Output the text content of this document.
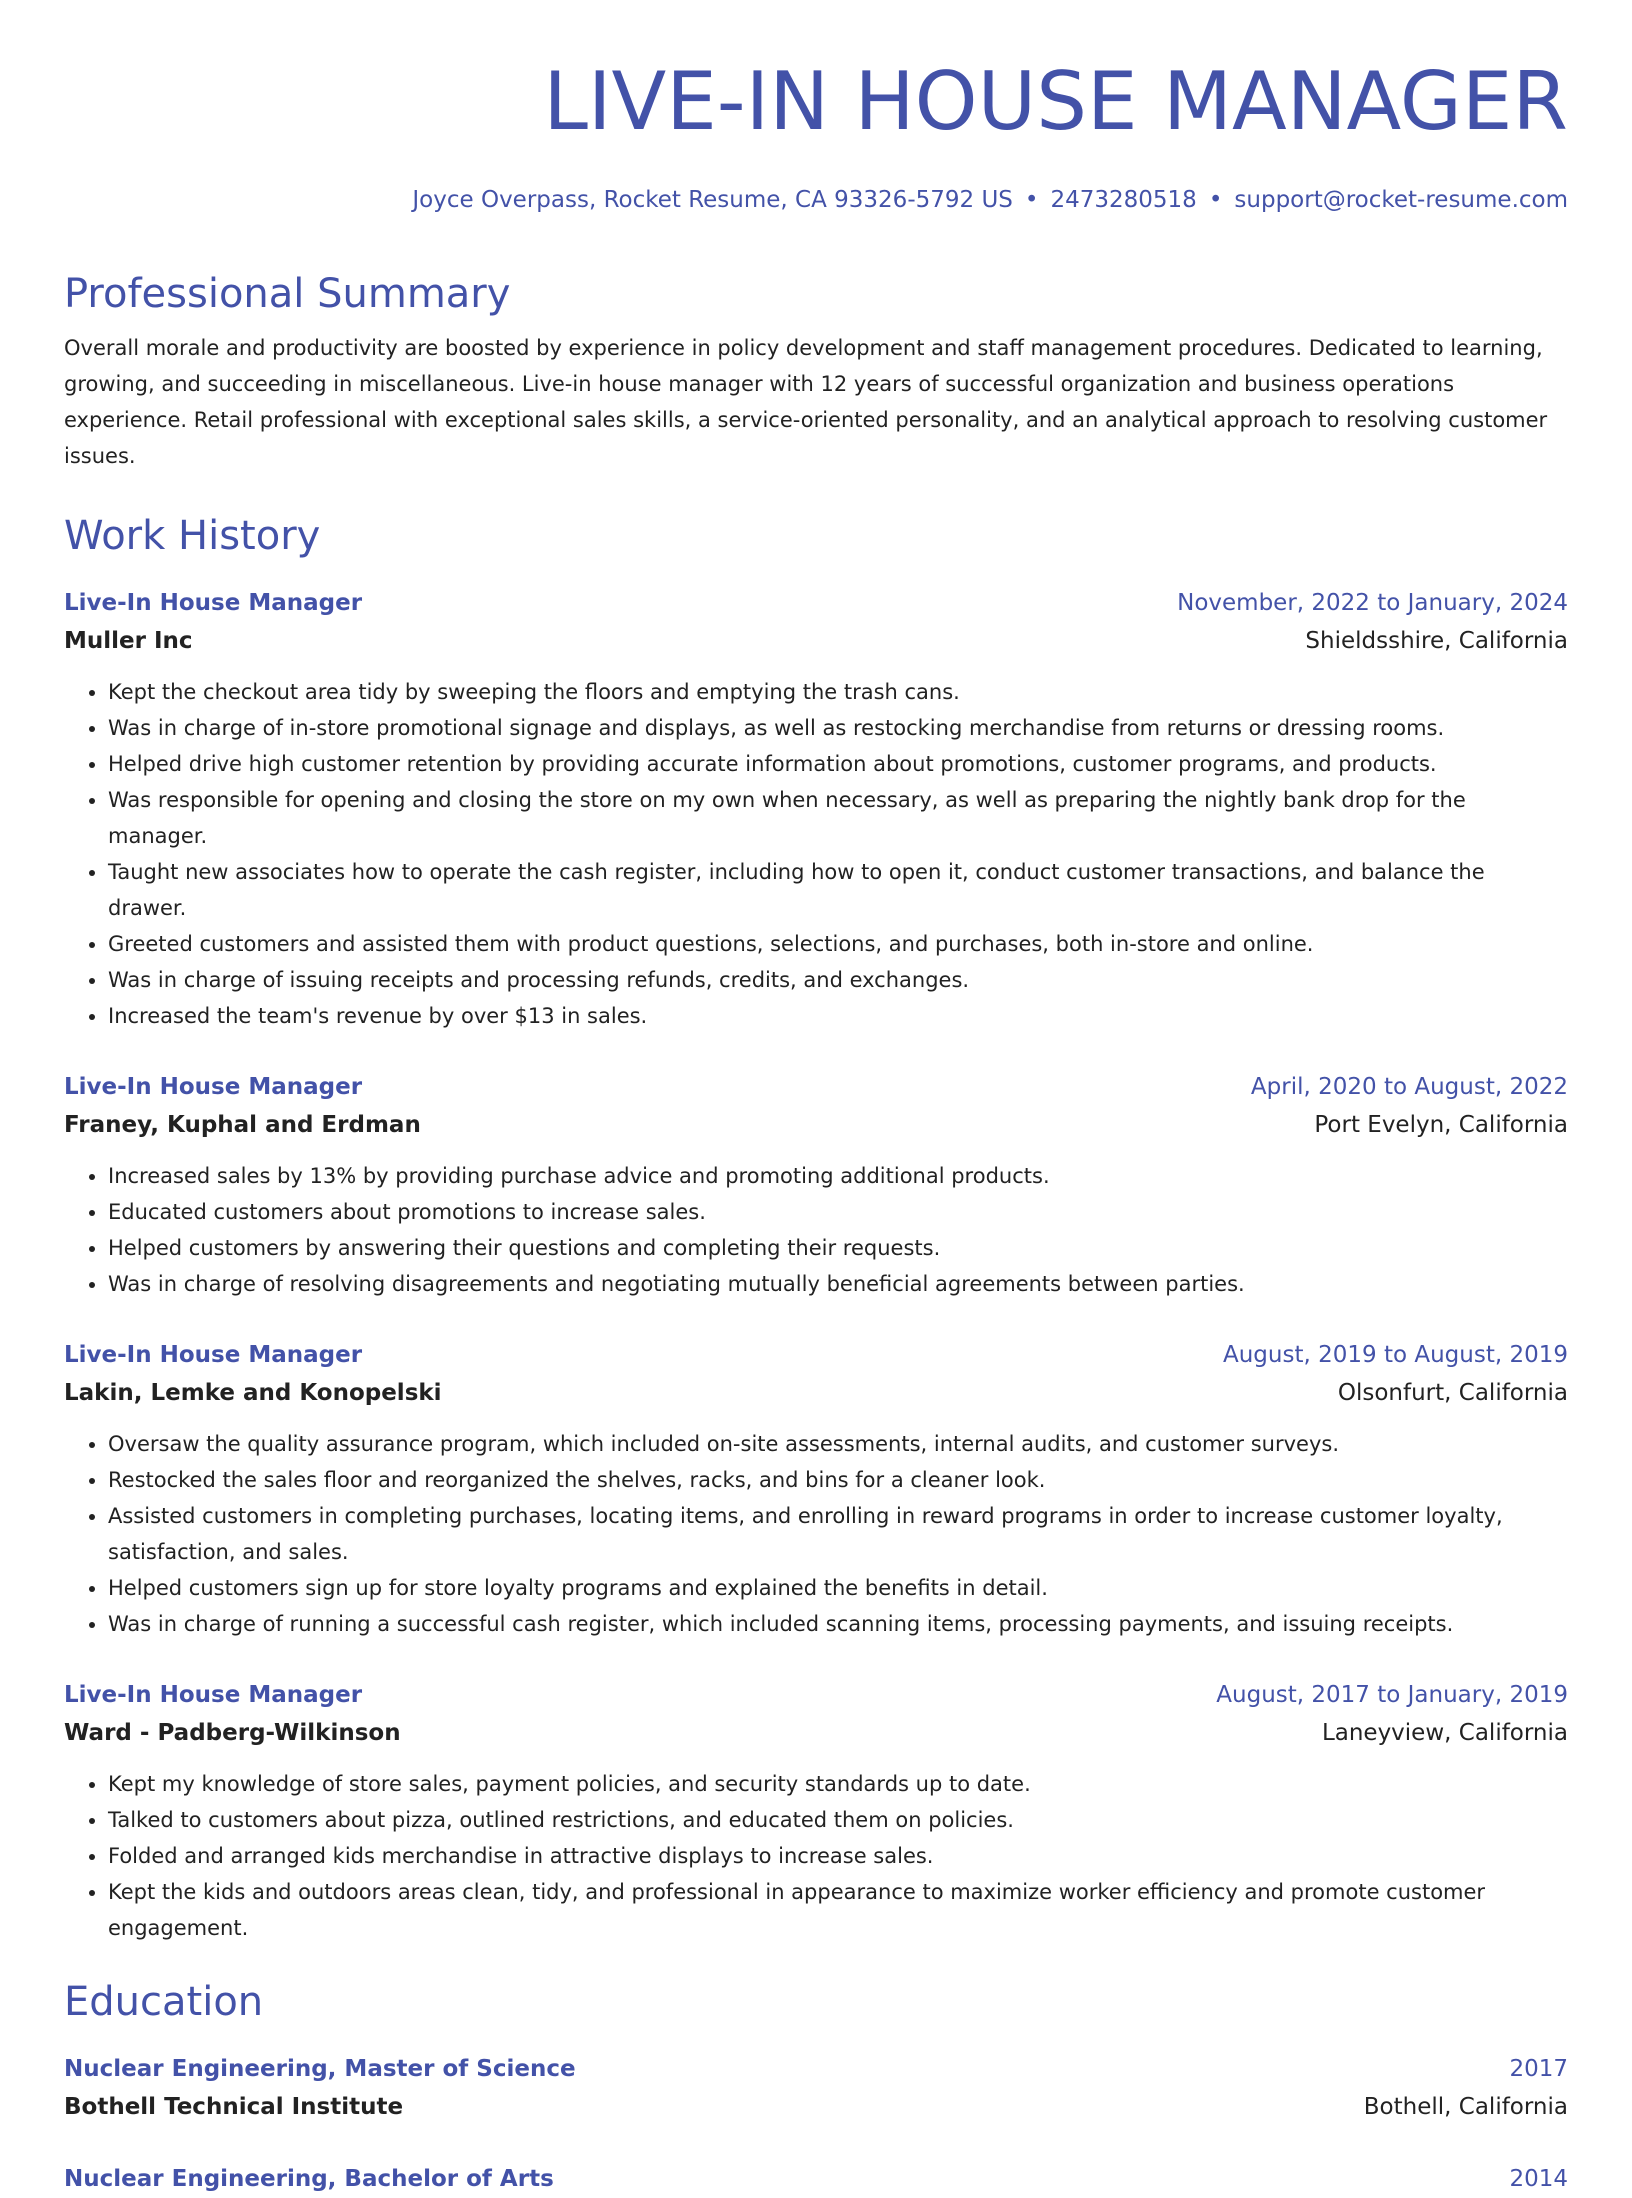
LIVE-IN HOUSE MANAGER
Joyce Overpass, Rocket Resume, CA 93326-5792 US • 2473280518 • support@rocket-resume.com
Professional Summary

Overall morale and productivity are boosted by experience in policy development and staff management procedures. Dedicated to learning, growing, and succeeding in miscellaneous. Live-in house manager with 12 years of successful organization and business operations experience. Retail professional with exceptional sales skills, a service-oriented personality, and an analytical approach to resolving customer issues.

Work History
Live-In House Manager	November, 2022 to January, 2024
Muller Inc	Shieldsshire, California
• Kept the checkout area tidy by sweeping the floors and emptying the trash cans.
• Was in charge of in-store promotional signage and displays, as well as restocking merchandise from returns or dressing rooms.
• Helped drive high customer retention by providing accurate information about promotions, customer programs, and products.
• Was responsible for opening and closing the store on my own when necessary, as well as preparing the nightly bank drop for the manager.
• Taught new associates how to operate the cash register, including how to open it, conduct customer transactions, and balance the drawer.
• Greeted customers and assisted them with product questions, selections, and purchases, both in-store and online.
• Was in charge of issuing receipts and processing refunds, credits, and exchanges.
• Increased the team's revenue by over $13 in sales.
Live-In House Manager	April, 2020 to August, 2022
Franey, Kuphal and Erdman	Port Evelyn, California
• Increased sales by 13% by providing purchase advice and promoting additional products.
• Educated customers about promotions to increase sales.
• Helped customers by answering their questions and completing their requests.
• Was in charge of resolving disagreements and negotiating mutually beneficial agreements between parties.
Live-In House Manager	August, 2019 to August, 2019
Lakin, Lemke and Konopelski	Olsonfurt, California
• Oversaw the quality assurance program, which included on-site assessments, internal audits, and customer surveys.
• Restocked the sales floor and reorganized the shelves, racks, and bins for a cleaner look.
• Assisted customers in completing purchases, locating items, and enrolling in reward programs in order to increase customer loyalty, satisfaction, and sales.
• Helped customers sign up for store loyalty programs and explained the benefits in detail.
• Was in charge of running a successful cash register, which included scanning items, processing payments, and issuing receipts.
Live-In House Manager	August, 2017 to January, 2019
Ward - Padberg-Wilkinson	Laneyview, California
• Kept my knowledge of store sales, payment policies, and security standards up to date.
• Talked to customers about pizza, outlined restrictions, and educated them on policies.
• Folded and arranged kids merchandise in attractive displays to increase sales.
• Kept the kids and outdoors areas clean, tidy, and professional in appearance to maximize worker efficiency and promote customer engagement.
Education
Nuclear Engineering, Master of Science	2017
Bothell Technical Institute	Bothell, California
Nuclear Engineering, Bachelor of Arts	2014
